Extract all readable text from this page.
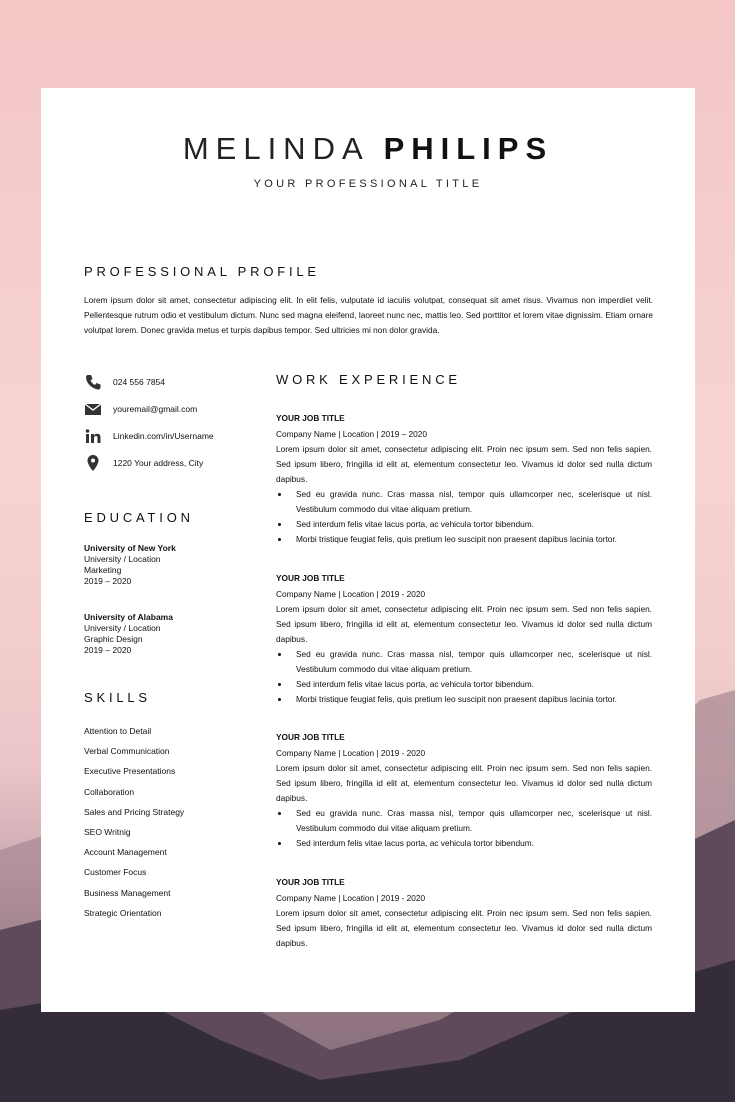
MELINDA PHILIPS
YOUR PROFESSIONAL TITLE
PROFESSIONAL PROFILE
Lorem ipsum dolor sit amet, consectetur adipiscing elit. In elit felis, vulputate id iaculis volutpat, consequat sit amet risus. Vivamus non imperdiet velit. Pellentesque rutrum odio et vestibulum dictum. Nunc sed magna eleifend, laoreet nunc nec, mattis leo. Sed porttitor et lorem vitae dignissim. Etiam ornare volutpat lorem. Donec gravida metus et turpis dapibus tempor. Sed ultricies mi non dolor gravida.
024 556 7854
youremail@gmail.com
Linkedin.com/in/Username
1220 Your address, City
EDUCATION
University of New York
University / Location
Marketing
2019 – 2020
University of Alabama
University / Location
Graphic Design
2019 – 2020
SKILLS
Attention to Detail
Verbal Communication
Executive Presentations
Collaboration
Sales and Pricing Strategy
SEO Writnig
Account Management
Customer Focus
Business Management
Strategic Orientation
WORK EXPERIENCE
YOUR JOB TITLE
Company Name | Location | 2019 – 2020
Lorem ipsum dolor sit amet, consectetur adipiscing elit. Proin nec ipsum sem. Sed non felis sapien. Sed ipsum libero, fringilla id elit at, elementum consectetur leo. Vivamus id dolor sed nulla dictum dapibus.
Sed eu gravida nunc. Cras massa nisl, tempor quis ullamcorper nec, scelerisque ut nisl. Vestibulum commodo dui vitae aliquam pretium.
Sed interdum felis vitae lacus porta, ac vehicula tortor bibendum.
Morbi tristique feugiat felis, quis pretium leo suscipit non praesent dapibus lacinia tortor.
YOUR JOB TITLE
Company Name | Location | 2019 - 2020
Lorem ipsum dolor sit amet, consectetur adipiscing elit. Proin nec ipsum sem. Sed non felis sapien. Sed ipsum libero, fringilla id elit at, elementum consectetur leo. Vivamus id dolor sed nulla dictum dapibus.
Sed eu gravida nunc. Cras massa nisl, tempor quis ullamcorper nec, scelerisque ut nisl. Vestibulum commodo dui vitae aliquam pretium.
Sed interdum felis vitae lacus porta, ac vehicula tortor bibendum.
Morbi tristique feugiat felis, quis pretium leo suscipit non praesent dapibus lacinia tortor.
YOUR JOB TITLE
Company Name | Location | 2019 - 2020
Lorem ipsum dolor sit amet, consectetur adipiscing elit. Proin nec ipsum sem. Sed non felis sapien. Sed ipsum libero, fringilla id elit at, elementum consectetur leo. Vivamus id dolor sed nulla dictum dapibus.
Sed eu gravida nunc. Cras massa nisl, tempor quis ullamcorper nec, scelerisque ut nisl. Vestibulum commodo dui vitae aliquam pretium.
Sed interdum felis vitae lacus porta, ac vehicula tortor bibendum.
YOUR JOB TITLE
Company Name | Location | 2019 - 2020
Lorem ipsum dolor sit amet, consectetur adipiscing elit. Proin nec ipsum sem. Sed non felis sapien. Sed ipsum libero, fringilla id elit at, elementum consectetur leo. Vivamus id dolor sed nulla dictum dapibus.
